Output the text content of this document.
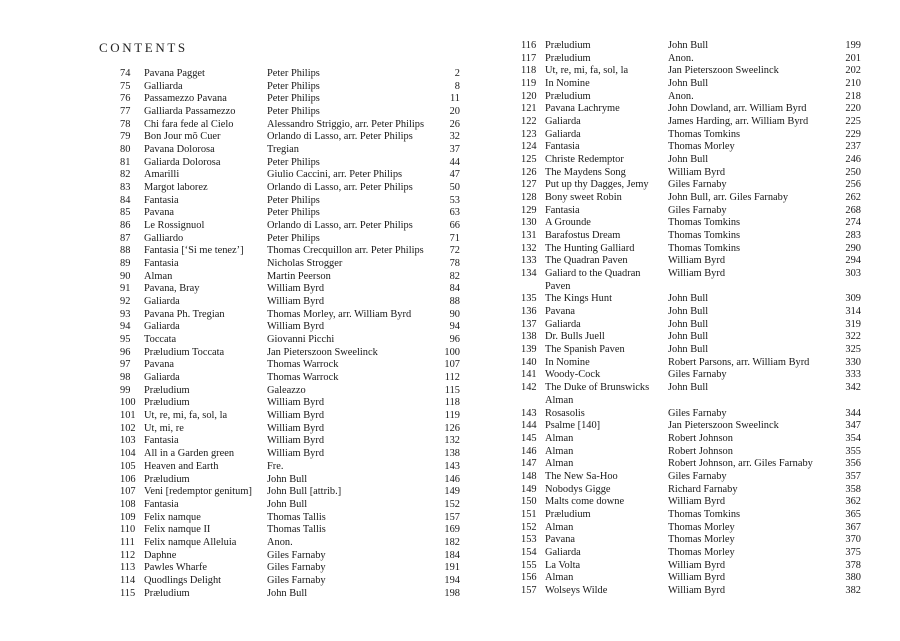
CONTENTS
74 Pavana Pagget	Peter Philips	2
75 Galliarda	Peter Philips	8
76 Passamezzo Pavana	Peter Philips	11
77 Galliarda Passamezzo	Peter Philips	20
78 Chi fara fede al Cielo	Alessandro Striggio, arr. Peter Philips 26
79 Bon Jour mõ Cuer	Orlando di Lasso, arr. Peter Philips	32
80 Pavana Dolorosa	Tregian	37
81 Galiarda Dolorosa	Peter Philips	44
82 Amarilli	Giulio Caccini, arr. Peter Philips	47
83 Margot laborez	Orlando di Lasso, arr. Peter Philips	50
84 Fantasia	Peter Philips	53
85 Pavana	Peter Philips	63
86 Le Rossignuol	Orlando di Lasso, arr. Peter Philips	66
87 Galliardo	Peter Philips	71
88 Fantasia [‘Si me tenez’]	Thomas Crecquillon arr. Peter Philips 72
89 Fantasia	Nicholas Strogger	78
90 Alman	Martin Peerson	82
91 Pavana, Bray	William Byrd	84
92 Galiarda	William Byrd	88
93 Pavana Ph. Tregian	Thomas Morley, arr. William Byrd	90
94 Galiarda	William Byrd	94
95 Toccata	Giovanni Picchi	96
96 Præludium Toccata	Jan Pieterszoon Sweelinck	100
97 Pavana	Thomas Warrock	107
98 Galiarda	Thomas Warrock	112
99 Præludium	Galeazzo	115
100 Præludium	William Byrd	118
101 Ut, re, mi, fa, sol, la	William Byrd	119
102 Ut, mi, re	William Byrd	126
103 Fantasia	William Byrd	132
104 All in a Garden green	William Byrd	138
105 Heaven and Earth	Fre.	143
106 Præludium	John Bull	146
107 Veni [redemptor genitum]	John Bull [attrib.]	149
108 Fantasia	John Bull	152
109 Felix namque	Thomas Tallis	157
110 Felix namque II	Thomas Tallis	169
111 Felix namque Alleluia	Anon.	182
112 Daphne	Giles Farnaby	184
113 Pawles Wharfe	Giles Farnaby	191
114 Quodlings Delight	Giles Farnaby	194
115 Præludium	John Bull	198
116 Præludium	John Bull	199
117 Præludium	Anon.	201
118 Ut, re, mi, fa, sol, la	Jan Pieterszoon Sweelinck	202
119 In Nomine	John Bull	210
120 Præludium	Anon.	218
121 Pavana Lachryme	John Dowland, arr. William Byrd	220
122 Galiarda	James Harding, arr. William Byrd	225
123 Galiarda	Thomas Tomkins	229
124 Fantasia	Thomas Morley	237
125 Christe Redemptor	John Bull	246
126 The Maydens Song	William Byrd	250
127 Put up thy Dagges, Jemy	Giles Farnaby	256
128 Bony sweet Robin	John Bull, arr. Giles Farnaby	262
129 Fantasia	Giles Farnaby	268
130 A Grounde	Thomas Tomkins	274
131 Barafostus Dream	Thomas Tomkins	283
132 The Hunting Galliard	Thomas Tomkins	290
133 The Quadran Paven	William Byrd	294
134 Galiard to the Quadran Paven
William Byrd	303
135 The Kings Hunt	John Bull	309
136 Pavana	John Bull	314
137 Galiarda	John Bull	319
138 Dr. Bulls Juell	John Bull	322
139 The Spanish Paven	John Bull	325
140 In Nomine	Robert Parsons, arr. William Byrd	330
141 Woody-Cock	Giles Farnaby	333
142 The Duke of Brunswicks Alman
John Bull	342
143 Rosasolis	Giles Farnaby	344
144 Psalme [140]	Jan Pieterszoon Sweelinck	347
145 Alman	Robert Johnson	354
146 Alman	Robert Johnson	355
147 Alman	Robert Johnson, arr. Giles Farnaby	356
148 The New Sa-Hoo	Giles Farnaby	357
149 Nobodys Gigge	Richard Farnaby	358
150 Malts come downe	William Byrd	362
151 Præludium	Thomas Tomkins	365
152 Alman	Thomas Morley	367
153 Pavana	Thomas Morley	370
154 Galiarda	Thomas Morley	375
155 La Volta	William Byrd	378
156 Alman	William Byrd	380
157 Wolseys Wilde	William Byrd	382
